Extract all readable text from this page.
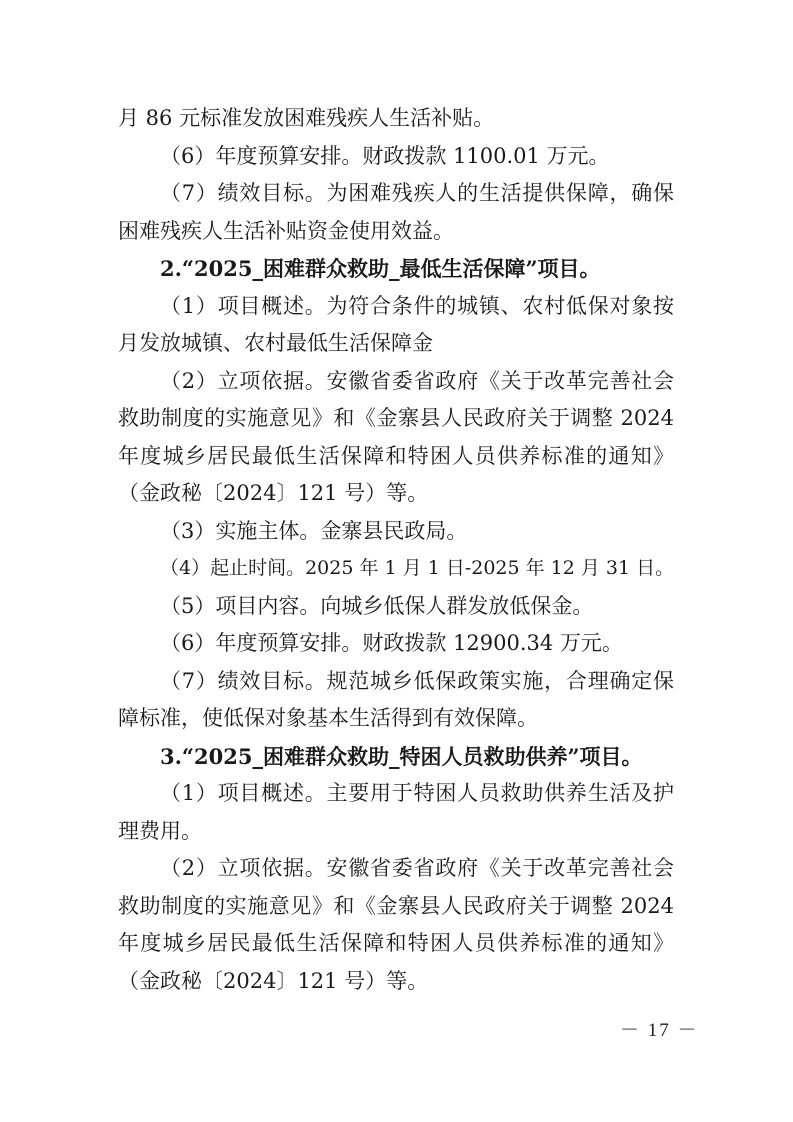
月 86 元标准发放困难残疾人生活补贴。
（6）年度预算安排。财政拨款 1100.01 万元。
（7）绩效目标。为困难残疾人的生活提供保障，确保
困难残疾人生活补贴资金使用效益。
2.“2025_困难群众救助_最低生活保障”项目。
（1）项目概述。为符合条件的城镇、农村低保对象按
月发放城镇、农村最低生活保障金
（2）立项依据。安徽省委省政府《关于改革完善社会
救助制度的实施意见》和《金寨县人民政府关于调整 2024
年度城乡居民最低生活保障和特困人员供养标准的通知》
（金政秘〔2024〕121 号）等。
（3）实施主体。金寨县民政局。
（4）起止时间。2025 年 1 月 1 日-2025 年 12 月 31 日。
（5）项目内容。向城乡低保人群发放低保金。
（6）年度预算安排。财政拨款 12900.34 万元。
（7）绩效目标。规范城乡低保政策实施，合理确定保
障标准，使低保对象基本生活得到有效保障。
3.“2025_困难群众救助_特困人员救助供养”项目。
（1）项目概述。主要用于特困人员救助供养生活及护
理费用。
（2）立项依据。安徽省委省政府《关于改革完善社会
救助制度的实施意见》和《金寨县人民政府关于调整 2024
年度城乡居民最低生活保障和特困人员供养标准的通知》
（金政秘〔2024〕121 号）等。
－ 17 －
